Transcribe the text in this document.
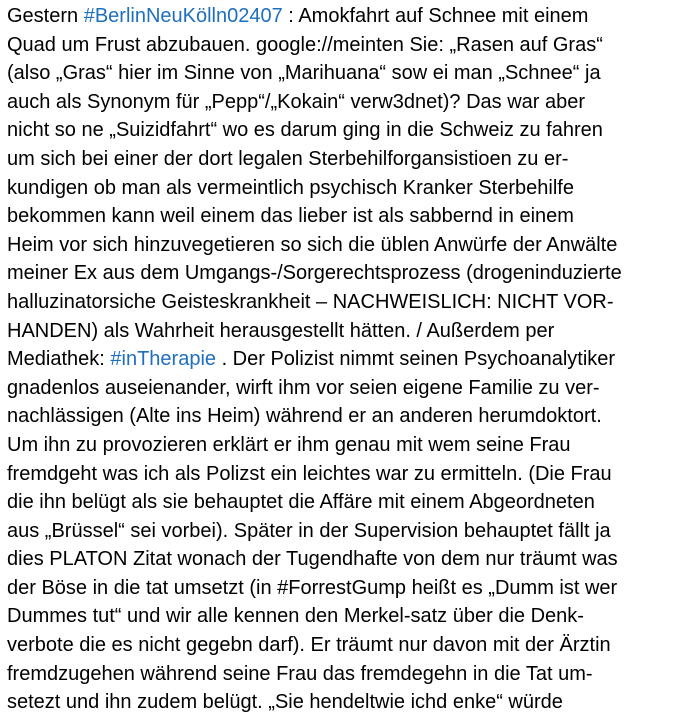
Gestern #BerlinNeuKölln02407 : Amokfahrt auf Schnee mit einem
Quad um Frust abzubauen. google://meinten Sie: „Rasen auf Gras“
(also „Gras“ hier im Sinne von „Marihuana“ sow ei man „Schnee“ ja
auch als Synonym für „Pepp“/„Kokain“ verw3dnet)? Das war aber
nicht so ne „Suizidfahrt“ wo es darum ging in die Schweiz zu fahren
um sich bei einer der dort legalen Sterbehilforgansistioen zu er-
kundigen ob man als vermeintlich psychisch Kranker Sterbehilfe
bekommen kann weil einem das lieber ist als sabbernd in einem
Heim vor sich hinzuvegetieren so sich die üblen Anwürfe der Anwälte
meiner Ex aus dem Umgangs-/Sorgerechtsprozess (drogeninduzierte
halluzinatorsiche Geisteskrankheit – NACHWEISLICH: NICHT VOR-
HANDEN) als Wahrheit herausgestellt hätten. / Außerdem per
Mediathek: #inTherapie . Der Polizist nimmt seinen Psychoanalytiker
gnadenlos auseienander, wirft ihm vor seien eigene Familie zu ver-
nachlässigen (Alte ins Heim) während er an anderen herumdoktort.
Um ihn zu provozieren erklärt er ihm genau mit wem seine Frau
fremdgeht was ich als Polizst ein leichtes war zu ermitteln. (Die Frau
die ihn belügt als sie behauptet die Affäre mit einem Abgeordneten
aus „Brüssel“ sei vorbei). Später in der Supervision behauptet fällt ja
dies PLATON Zitat wonach der Tugendhafte von dem nur träumt was
der Böse in die tat umsetzt (in #ForrestGump heißt es „Dumm ist wer
Dummes tut“ und wir alle kennen den Merkel-satz über die Denk-
verbote die es nicht gegebn darf). Er träumt nur davon mit der Ärztin
fremdzugehen während seine Frau das fremdegehn in die Tat um-
setezt und ihn zudem belügt. „Sie hendeltwie ichd enke“ würde
